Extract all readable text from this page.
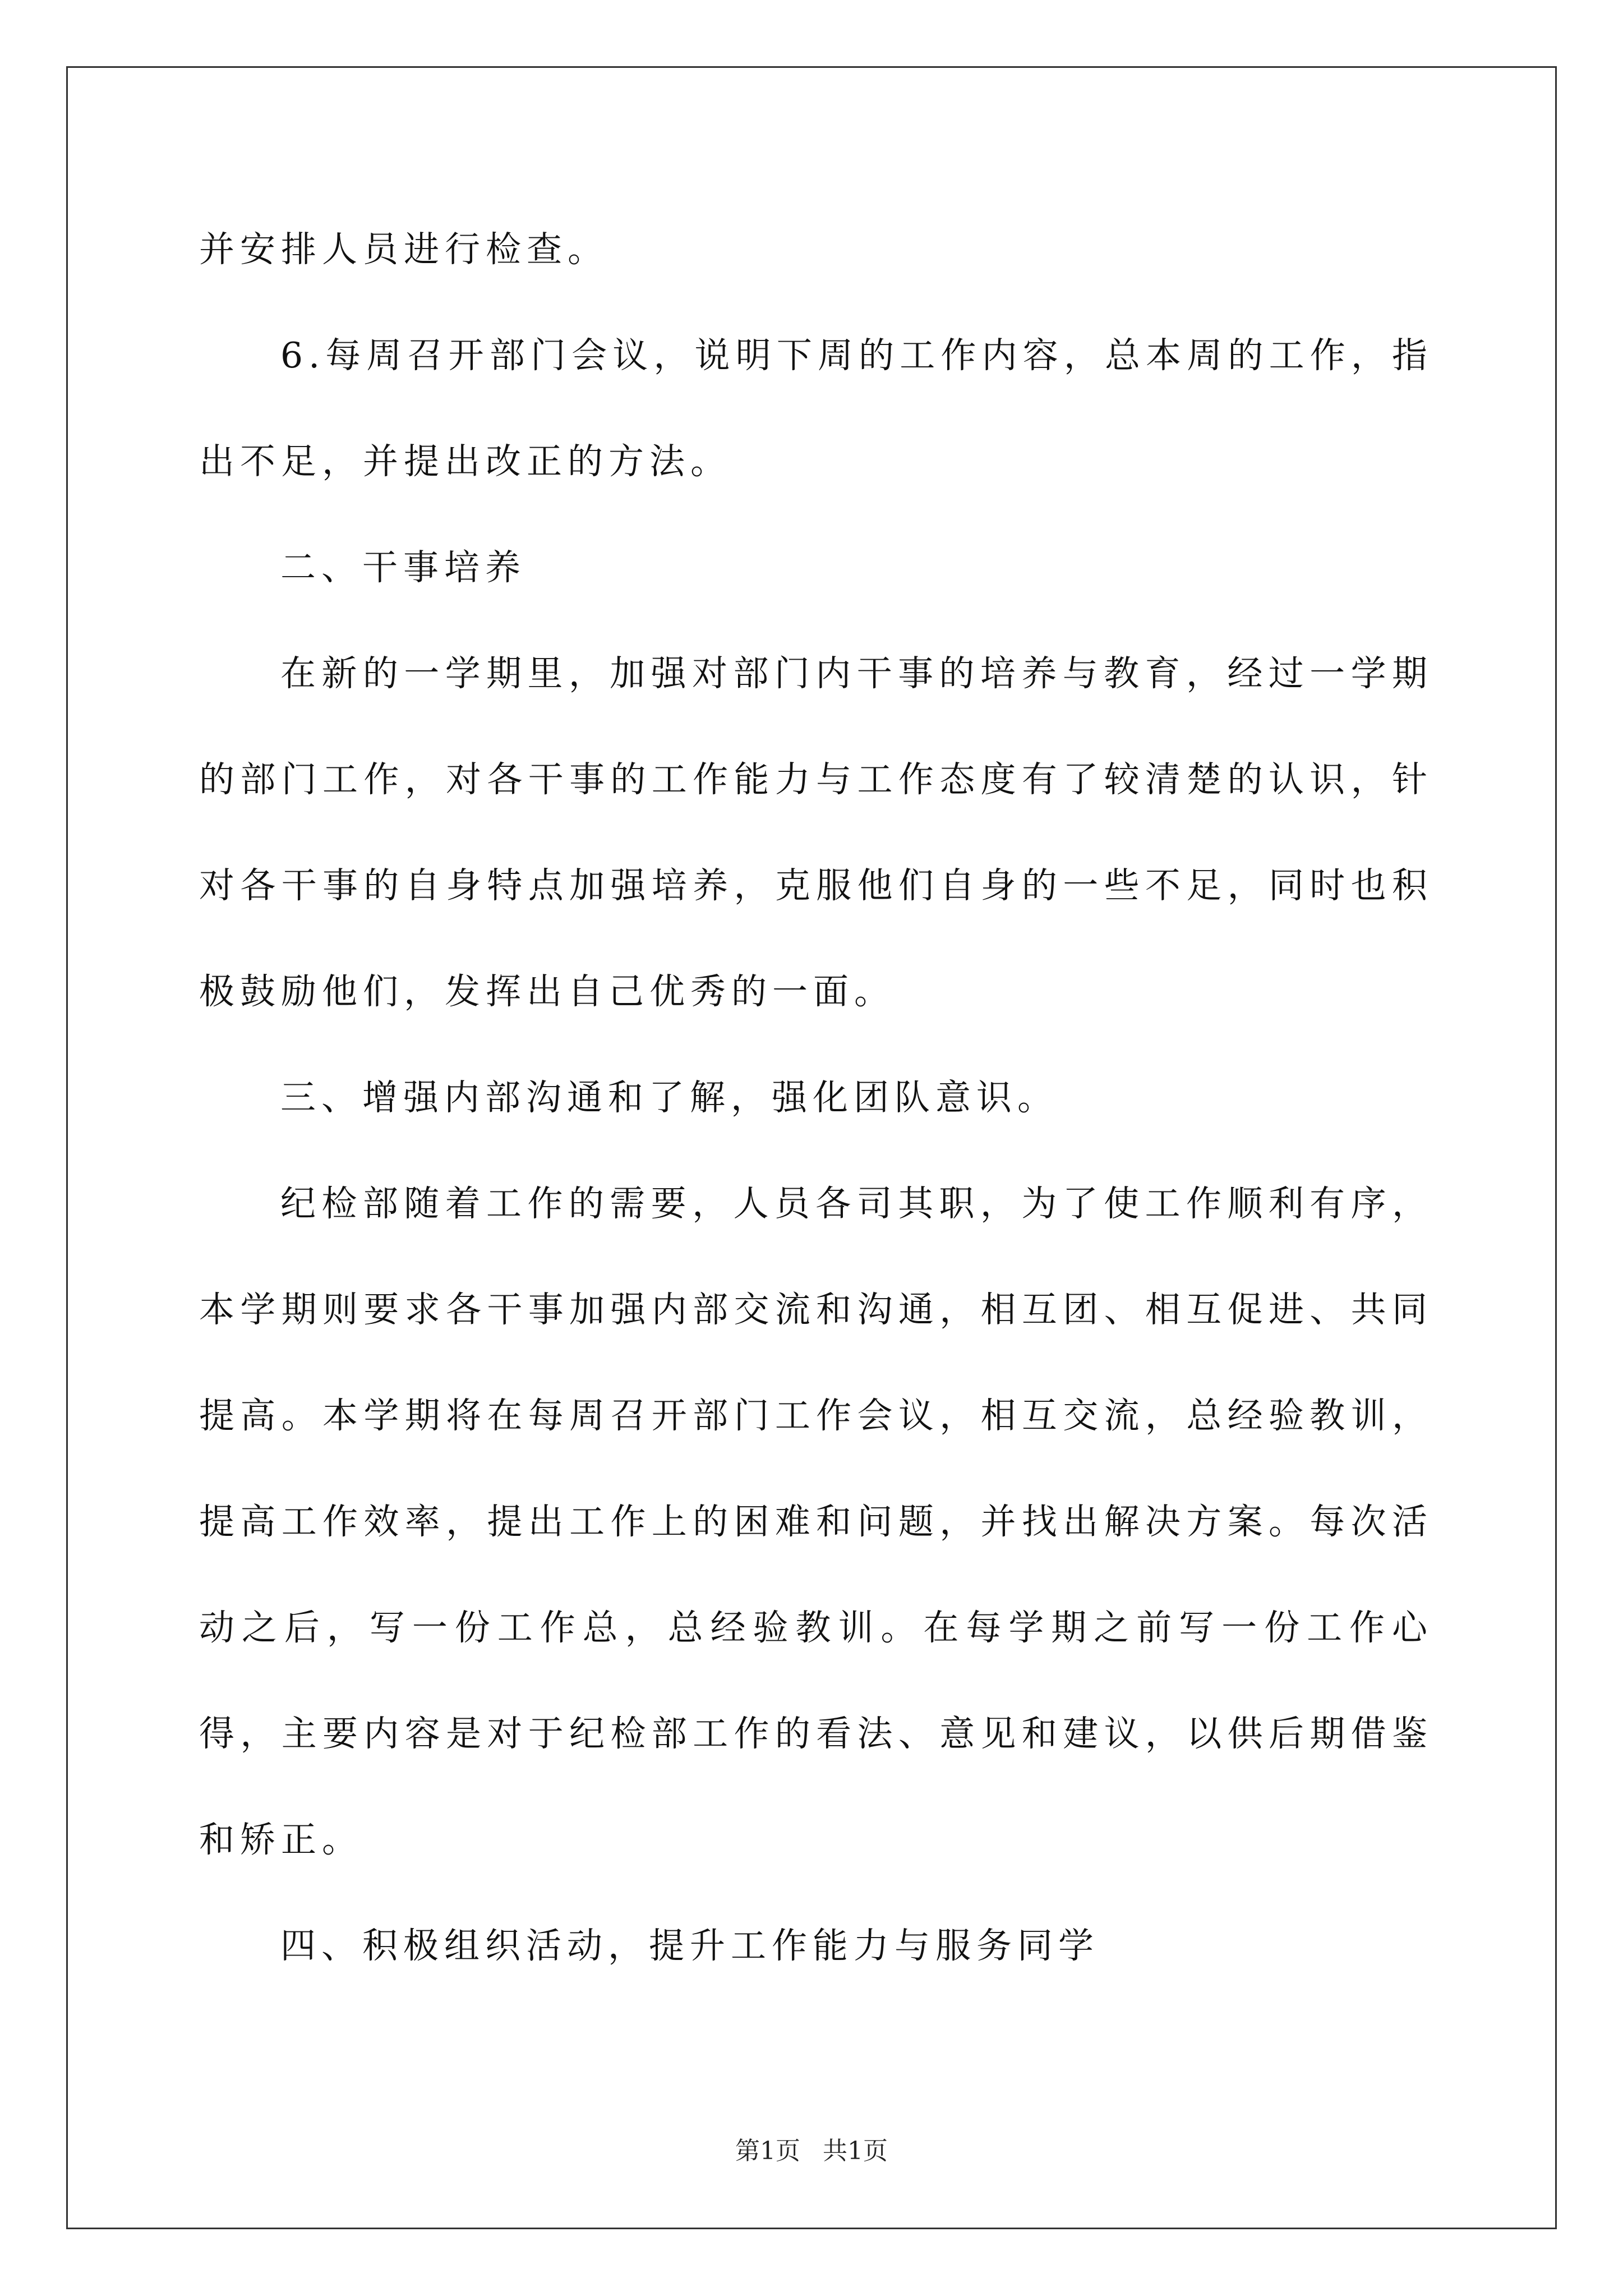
并安排人员进行检查。

6.每周召开部门会议，说明下周的工作内容，总本周的工作，指出不足，并提出改正的方法。

二、干事培养

在新的一学期里，加强对部门内干事的培养与教育，经过一学期的部门工作，对各干事的工作能力与工作态度有了较清楚的认识，针对各干事的自身特点加强培养，克服他们自身的一些不足，同时也积极鼓励他们，发挥出自己优秀的一面。

三、增强内部沟通和了解，强化团队意识。

纪检部随着工作的需要，人员各司其职，为了使工作顺利有序，本学期则要求各干事加强内部交流和沟通，相互团、相互促进、共同提高。本学期将在每周召开部门工作会议，相互交流，总经验教训，提高工作效率，提出工作上的困难和问题，并找出解决方案。每次活动之后，写一份工作总，总经验教训。在每学期之前写一份工作心得，主要内容是对于纪检部工作的看法、意见和建议，以供后期借鉴和矫正。

四、积极组织活动，提升工作能力与服务同学

第1页 共1页
